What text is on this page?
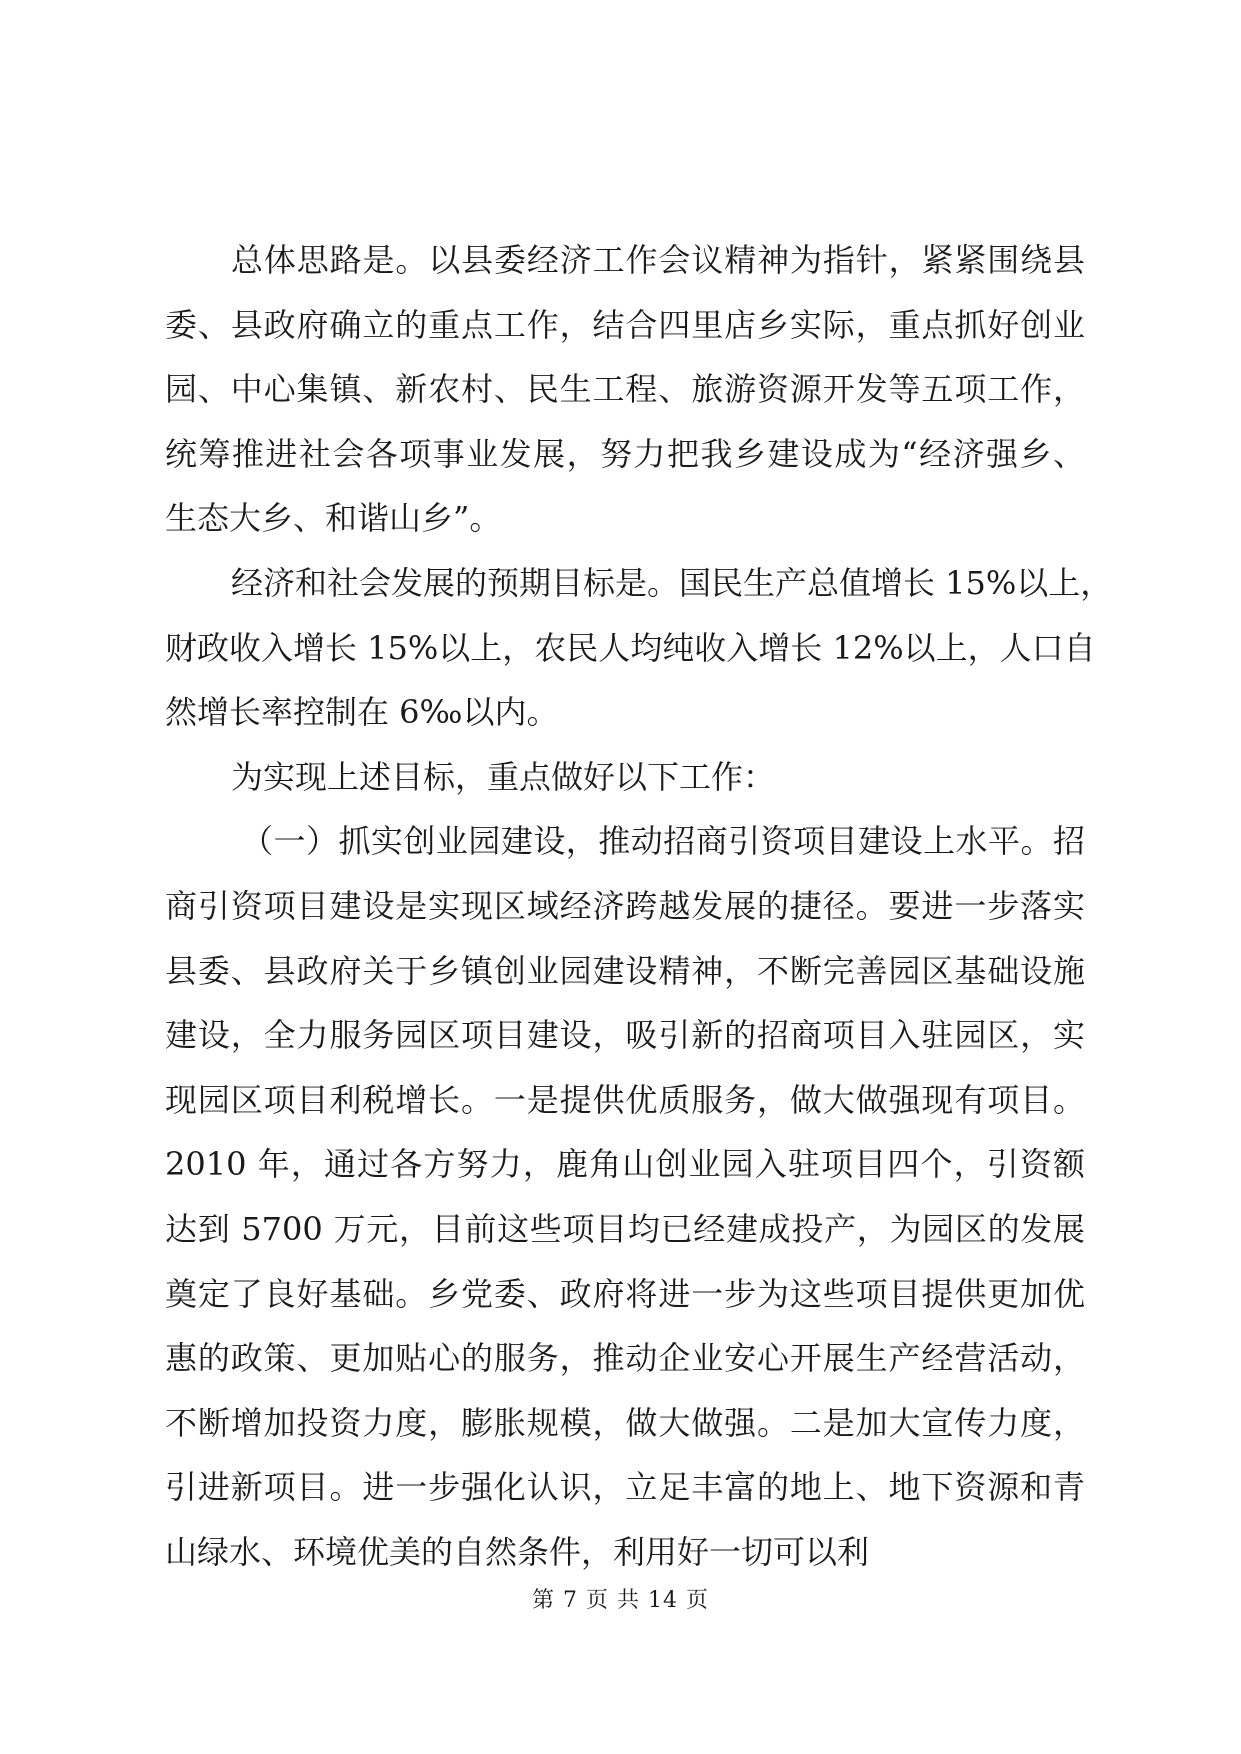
总体思路是。以县委经济工作会议精神为指针，紧紧围绕县
委、县政府确立的重点工作，结合四里店乡实际，重点抓好创业
园、中心集镇、新农村、民生工程、旅游资源开发等五项工作，
统筹推进社会各项事业发展，努力把我乡建设成为“经济强乡、
生态大乡、和谐山乡”。
经济和社会发展的预期目标是。国民生产总值增长 15%以上，
财政收入增长 15%以上，农民人均纯收入增长 12%以上，人口自
然增长率控制在 6‰以内。
为实现上述目标，重点做好以下工作：
（一）抓实创业园建设，推动招商引资项目建设上水平。招
商引资项目建设是实现区域经济跨越发展的捷径。要进一步落实
县委、县政府关于乡镇创业园建设精神，不断完善园区基础设施
建设，全力服务园区项目建设，吸引新的招商项目入驻园区，实
现园区项目利税增长。一是提供优质服务，做大做强现有项目。
2010 年，通过各方努力，鹿角山创业园入驻项目四个，引资额
达到 5700 万元，目前这些项目均已经建成投产，为园区的发展
奠定了良好基础。乡党委、政府将进一步为这些项目提供更加优
惠的政策、更加贴心的服务，推动企业安心开展生产经营活动，
不断增加投资力度，膨胀规模，做大做强。二是加大宣传力度，
引进新项目。进一步强化认识，立足丰富的地上、地下资源和青
山绿水、环境优美的自然条件，利用好一切可以利
第 7 页 共 14 页
